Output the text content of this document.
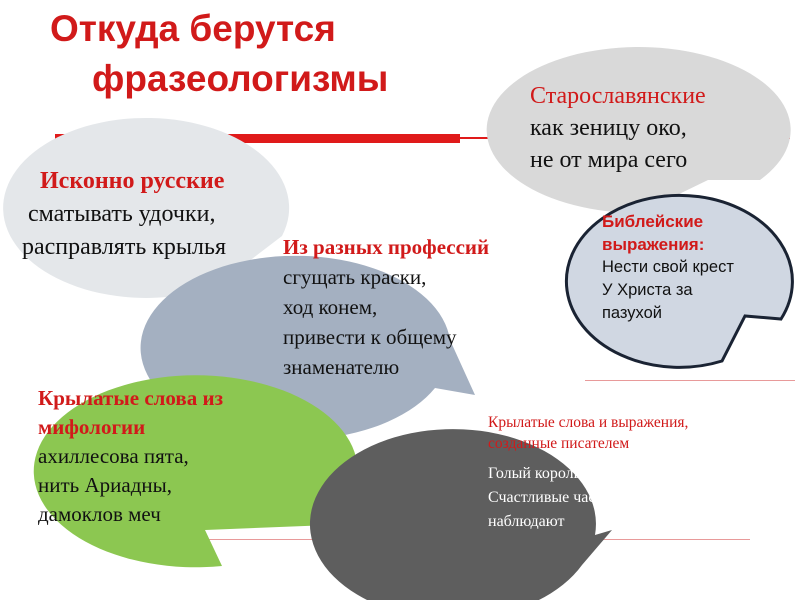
Откуда берутся
фразеологизмы	Старославянские
как зеницу око,
не от мира сего
Исконно русские
сматывать удочки,
расправлять крылья	Из разных профессий
сгущать краски,
ход конем,
привести к общему
знаменателю
Библейские выражения:
Нести свой крест
У Христа за пазухой
Крылатые слова из мифологии
ахиллесова пята,
нить Ариадны,
дамоклов меч
Крылатые слова и выражения, созданные писателем
Голый король
Счастливые часов не наблюдают
